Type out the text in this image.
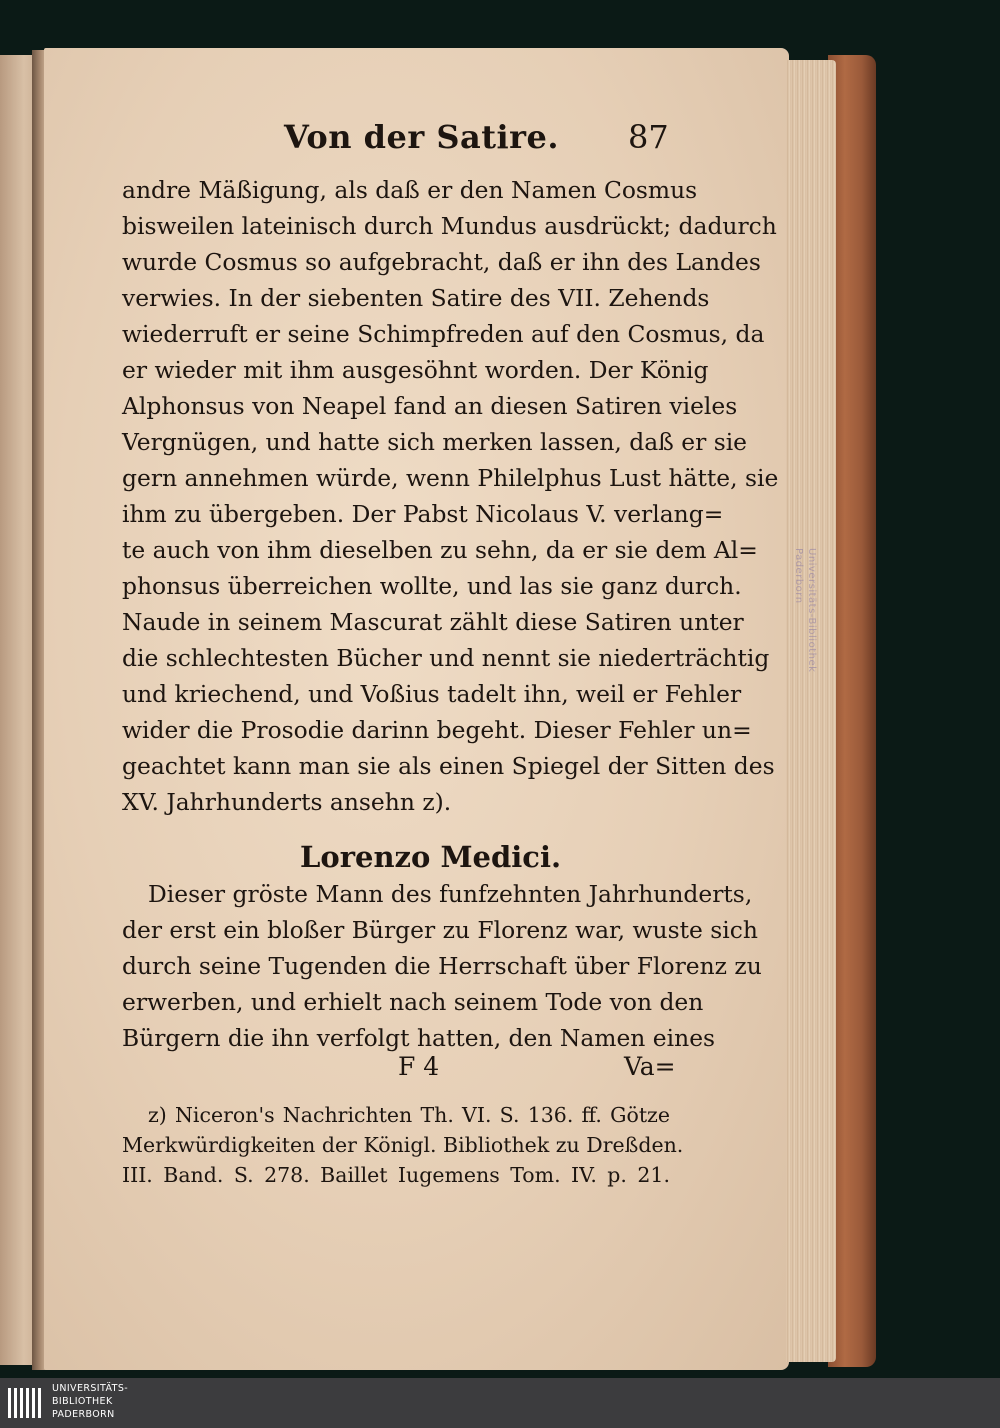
Universitäts-Bibliothek
Paderborn
Von der Satire. 87
andre Mäßigung, als daß er den Namen Cosmus
bisweilen lateinisch durch Mundus ausdrückt; dadurch
wurde Cosmus so aufgebracht, daß er ihn des Landes
verwies. In der siebenten Satire des VII. Zehends
wiederruft er seine Schimpfreden auf den Cosmus, da
er wieder mit ihm ausgesöhnt worden. Der König
Alphonsus von Neapel fand an diesen Satiren vieles
Vergnügen, und hatte sich merken lassen, daß er sie
gern annehmen würde, wenn Philelphus Lust hätte, sie
ihm zu übergeben. Der Pabst Nicolaus V. verlang=
te auch von ihm dieselben zu sehn, da er sie dem Al=
phonsus überreichen wollte, und las sie ganz durch.
Naude in seinem Mascurat zählt diese Satiren unter
die schlechtesten Bücher und nennt sie niederträchtig
und kriechend, und Voßius tadelt ihn, weil er Fehler
wider die Prosodie darinn begeht. Dieser Fehler un=
geachtet kann man sie als einen Spiegel der Sitten des
XV. Jahrhunderts ansehn z).
Lorenzo Medici.
Dieser gröste Mann des funfzehnten Jahrhunderts,
der erst ein bloßer Bürger zu Florenz war, wuste sich
durch seine Tugenden die Herrschaft über Florenz zu
erwerben, und erhielt nach seinem Tode von den
Bürgern die ihn verfolgt hatten, den Namen eines
F 4	Va=
z) Niceron's Nachrichten Th. VI. S. 136. ff. Götze
Merkwürdigkeiten der Königl. Bibliothek zu Dreßden.
III. Band. S. 278. Baillet Iugemens Tom. IV. p. 21.
UNIVERSITÄTS-
BIBLIOTHEK
PADERBORN
